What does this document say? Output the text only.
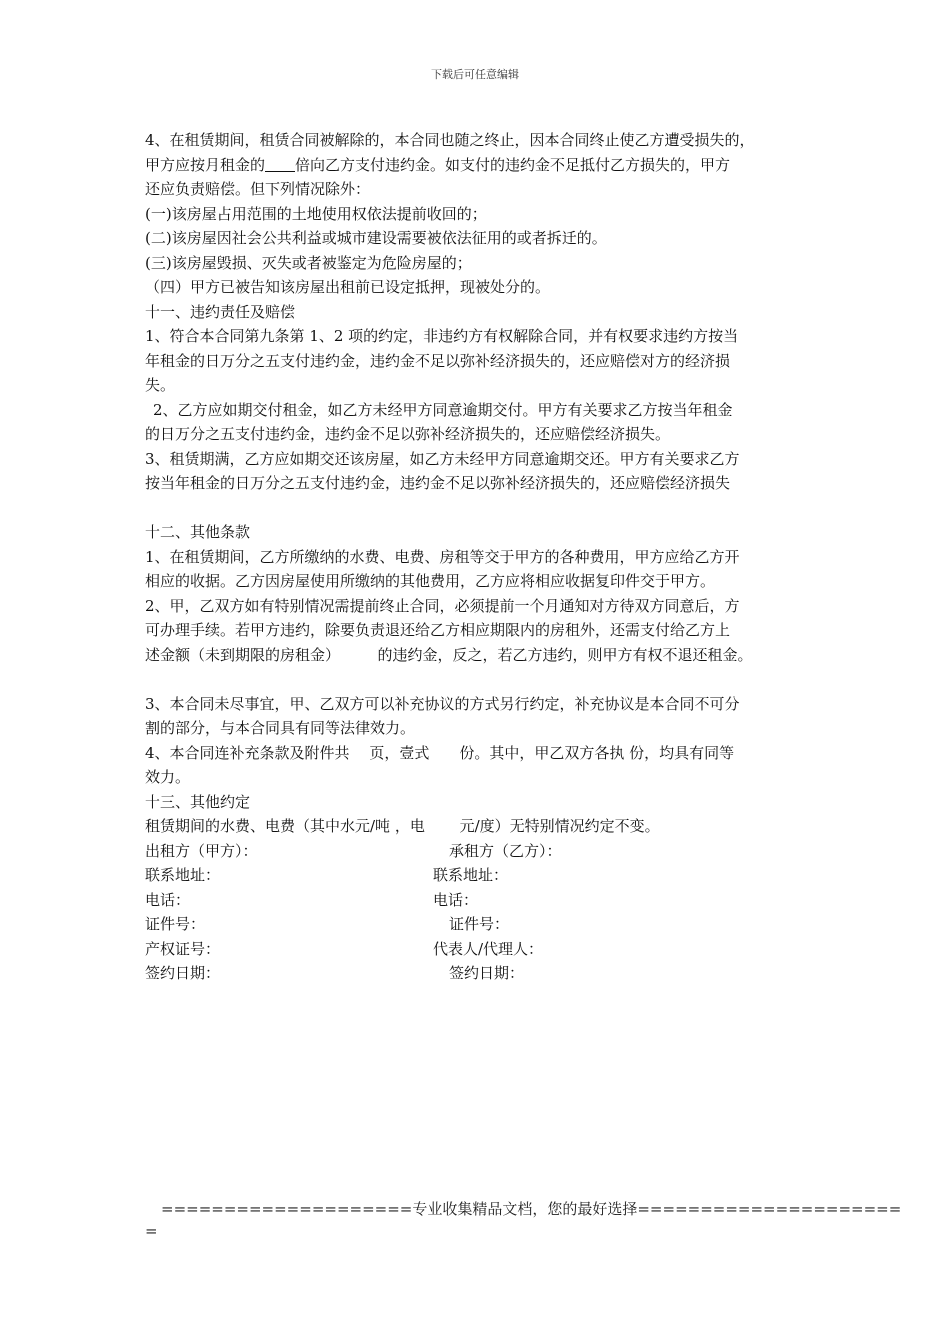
下载后可任意编辑

4、在租赁期间，租赁合同被解除的，本合同也随之终止，因本合同终止使乙方遭受损失的，

甲方应按月租金的 倍向乙方支付违约金。如支付的违约金不足抵付乙方损失的，甲方

还应负责赔偿。但下列情况除外：

(一)该房屋占用范围的土地使用权依法提前收回的；

(二)该房屋因社会公共利益或城市建设需要被依法征用的或者拆迁的。

(三)该房屋毁损、灭失或者被鉴定为危险房屋的；

（四）甲方已被告知该房屋出租前已设定抵押，现被处分的。

十一、违约责任及赔偿

1、符合本合同第九条第 1、2 项的约定，非违约方有权解除合同，并有权要求违约方按当

年租金的日万分之五支付违约金，违约金不足以弥补经济损失的，还应赔偿对方的经济损

失。

2、乙方应如期交付租金，如乙方未经甲方同意逾期交付。甲方有关要求乙方按当年租金

的日万分之五支付违约金，违约金不足以弥补经济损失的，还应赔偿经济损失。

3、租赁期满，乙方应如期交还该房屋，如乙方未经甲方同意逾期交还。甲方有关要求乙方

按当年租金的日万分之五支付违约金，违约金不足以弥补经济损失的，还应赔偿经济损失

十二、其他条款

1、在租赁期间，乙方所缴纳的水费、电费、房租等交于甲方的各种费用，甲方应给乙方开

相应的收据。乙方因房屋使用所缴纳的其他费用，乙方应将相应收据复印件交于甲方。

2、甲，乙双方如有特别情况需提前终止合同，必须提前一个月通知对方待双方同意后，方

可办理手续。若甲方违约，除要负责退还给乙方相应期限内的房租外，还需支付给乙方上

述金额（未到期限的房租金）　　　的违约金，反之，若乙方违约，则甲方有权不退还租金。

3、本合同未尽事宜，甲、乙双方可以补充协议的方式另行约定，补充协议是本合同不可分

割的部分，与本合同具有同等法律效力。

4、本合同连补充条款及附件共　 页，壹式　　份。其中，甲乙双方各执 份，均具有同等

效力。

十三、其他约定

租赁期间的水费、电费（其中水元/吨 ，电　　 元/度）无特别情况约定不变。

出租方（甲方）：	承租方（乙方）：
联系地址：	联系地址：
电话：	电话：
证件号：	证件号：
产权证号：	代表人/代理人：
签约日期：	签约日期：
====================专业收集精品文档，您的最好选择=====================
=
